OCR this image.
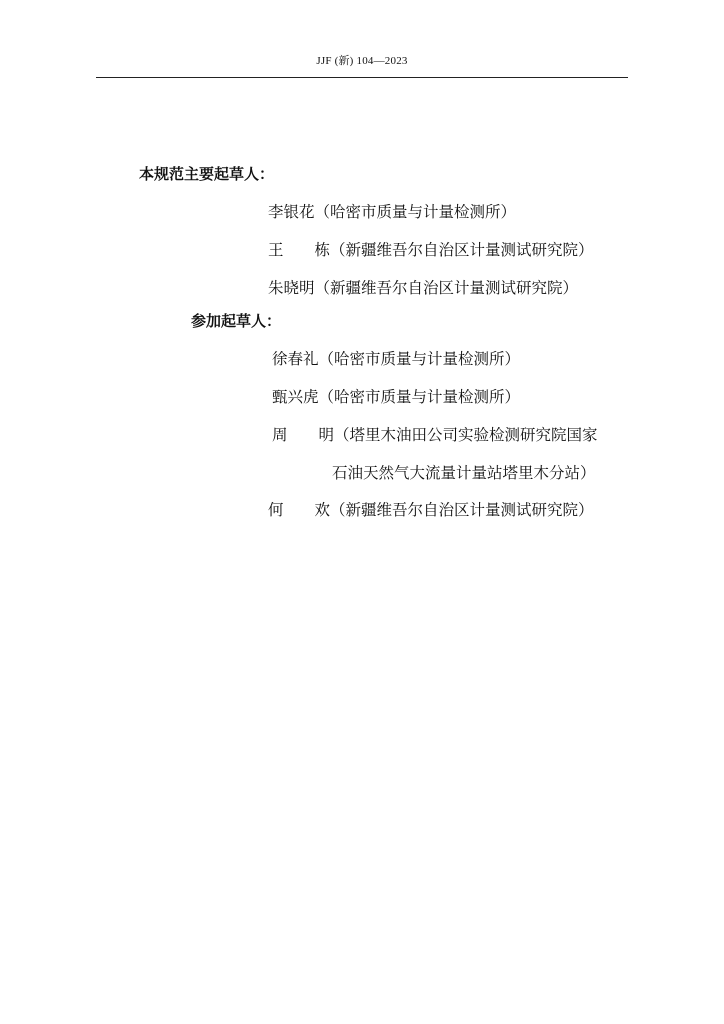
JJF (新) 104—2023
本规范主要起草人：
李银花（哈密市质量与计量检测所）
王 栋 （新疆维吾尔自治区计量测试研究院）
朱晓明（新疆维吾尔自治区计量测试研究院）
参加起草人：
徐春礼（哈密市质量与计量检测所）
甄兴虎（哈密市质量与计量检测所）
周 明 （塔里木油田公司实验检测研究院国家
石油天然气大流量计量站塔里木分站）
何 欢 （新疆维吾尔自治区计量测试研究院）
